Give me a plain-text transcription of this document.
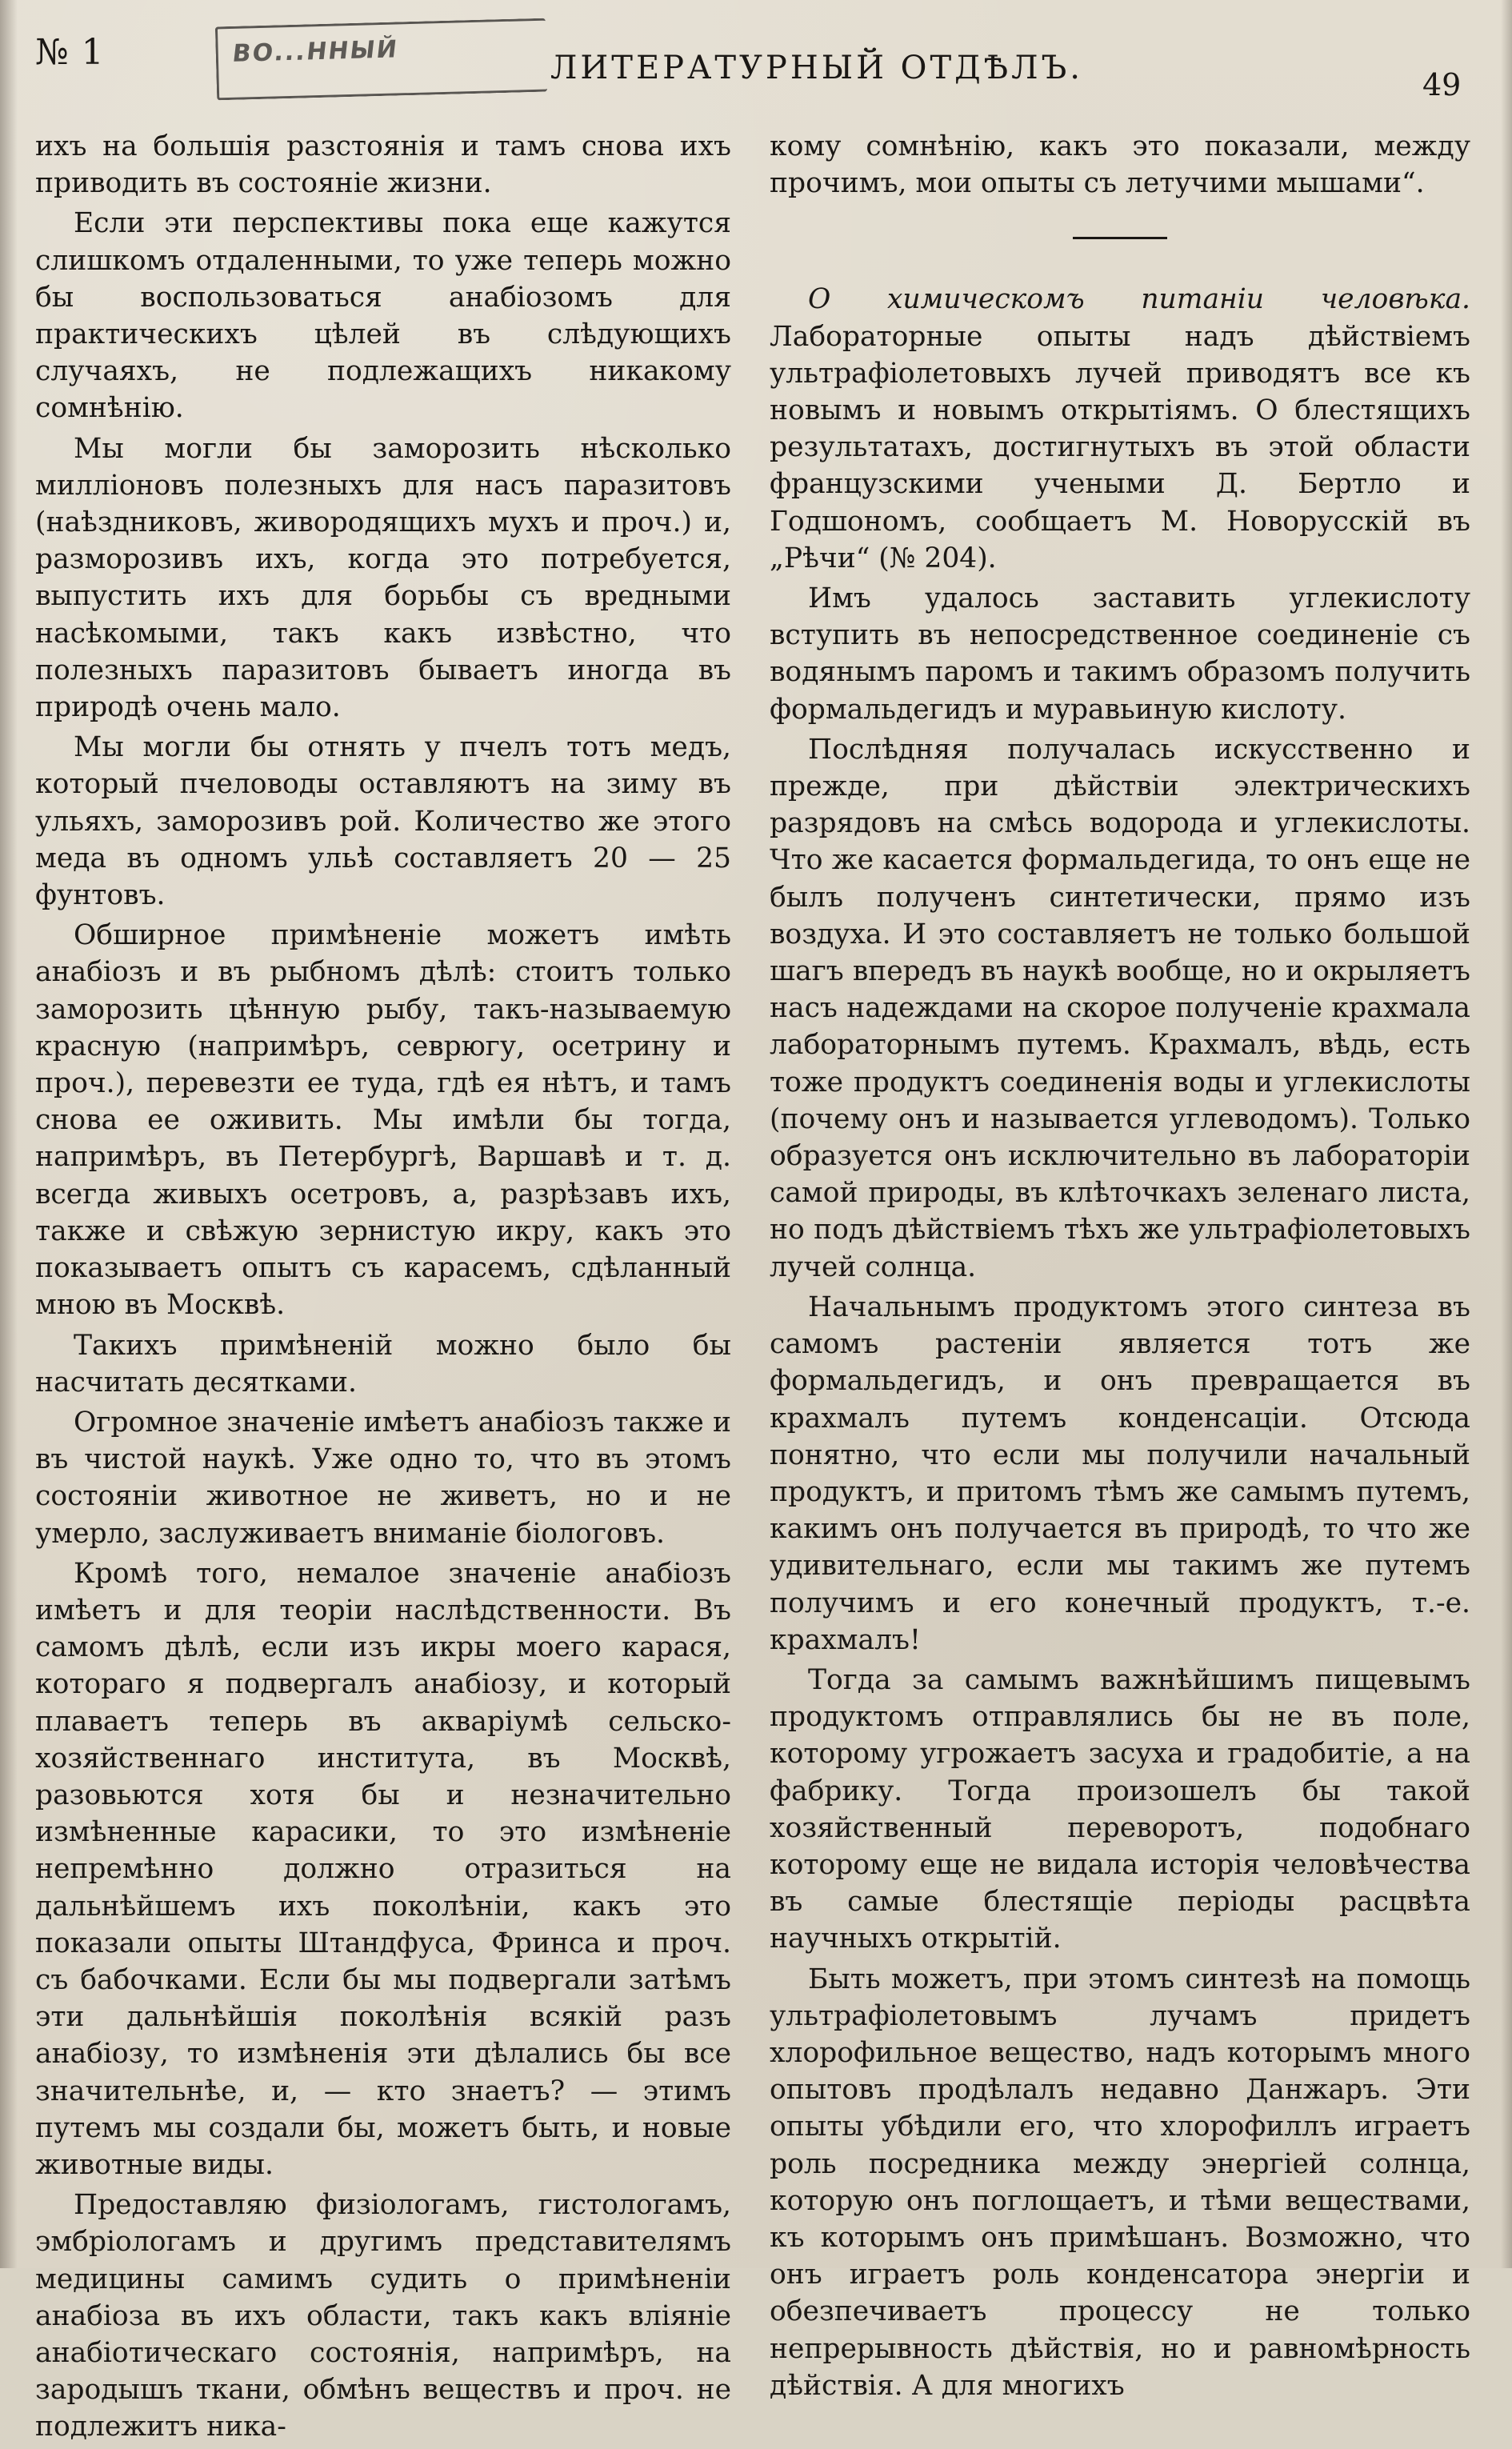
№ 1	ВО...ННЫЙ	ЛИТЕРАТУРНЫЙ ОТДѢЛЪ.	49

ихъ на большія разстоянія и тамъ снова ихъ приводить въ состояніе жизни.

Если эти перспективы пока еще кажутся слишкомъ отдаленными, то уже теперь можно бы воспользоваться анабіозомъ для практическихъ цѣлей въ слѣдующихъ случаяхъ, не подлежащихъ никакому сомнѣнію.

Мы могли бы заморозить нѣсколько милліоновъ полезныхъ для насъ паразитовъ (наѣздниковъ, живородящихъ мухъ и проч.) и, разморозивъ ихъ, когда это потребуется, выпустить ихъ для борьбы съ вредными насѣкомыми, такъ какъ извѣстно, что полезныхъ паразитовъ бываетъ иногда въ природѣ очень мало.

Мы могли бы отнять у пчелъ тотъ медъ, который пчеловоды оставляютъ на зиму въ ульяхъ, заморозивъ рой. Количество же этого меда въ одномъ ульѣ составляетъ 20 — 25 фунтовъ.

Обширное примѣненіе можетъ имѣть анабіозъ и въ рыбномъ дѣлѣ: стоитъ только заморозить цѣнную рыбу, такъ-называемую красную (напримѣръ, севрюгу, осетрину и проч.), перевезти ее туда, гдѣ ея нѣтъ, и тамъ снова ее оживить. Мы имѣли бы тогда, напримѣръ, въ Петербургѣ, Варшавѣ и т. д. всегда живыхъ осетровъ, а, разрѣзавъ ихъ, также и свѣжую зернистую икру, какъ это показываетъ опытъ съ карасемъ, сдѣланный мною въ Москвѣ.

Такихъ примѣненій можно было бы насчитать десятками.

Огромное значеніе имѣетъ анабіозъ также и въ чистой наукѣ. Уже одно то, что въ этомъ состояніи животное не живетъ, но и не умерло, заслуживаетъ вниманіе біологовъ.

Кромѣ того, немалое значеніе анабіозъ имѣетъ и для теоріи наслѣдственности. Въ самомъ дѣлѣ, если изъ икры моего карася, котораго я подвергалъ анабіозу, и который плаваетъ теперь въ акваріумѣ сельско-хозяйственнаго института, въ Москвѣ, разовьются хотя бы и незначительно измѣненные карасики, то это измѣненіе непремѣнно должно отразиться на дальнѣйшемъ ихъ поколѣніи, какъ это показали опыты Штандфуса, Фринса и проч. съ бабочками. Если бы мы подвергали затѣмъ эти дальнѣйшія поколѣнія всякій разъ анабіозу, то измѣненія эти дѣлались бы все значительнѣе, и, — кто знаетъ? — этимъ путемъ мы создали бы, можетъ быть, и новые животные виды.

Предоставляю физіологамъ, гистологамъ, эмбріологамъ и другимъ представителямъ медицины самимъ судить о примѣненіи анабіоза въ ихъ области, такъ какъ вліяніе анабіотическаго состоянія, напримѣръ, на зародышъ ткани, обмѣнъ веществъ и проч. не подлежитъ ника-

кому сомнѣнію, какъ это показали, между прочимъ, мои опыты съ летучими мышами“.

О химическомъ питаніи человѣка. Лабораторные опыты надъ дѣйствіемъ ультрафіолетовыхъ лучей приводятъ все къ новымъ и новымъ открытіямъ. О блестящихъ результатахъ, достигнутыхъ въ этой области французскими учеными Д. Бертло и Годшономъ, сообщаетъ М. Новорусскій въ „Рѣчи“ (№ 204).

Имъ удалось заставить углекислоту вступить въ непосредственное соединеніе съ водянымъ паромъ и такимъ образомъ получить формальдегидъ и муравьиную кислоту.

Послѣдняя получалась искусственно и прежде, при дѣйствіи электрическихъ разрядовъ на смѣсь водорода и углекислоты. Что же касается формальдегида, то онъ еще не былъ полученъ синтетически, прямо изъ воздуха. И это составляетъ не только большой шагъ впередъ въ наукѣ вообще, но и окрыляетъ насъ надеждами на скорое полученіе крахмала лабораторнымъ путемъ. Крахмалъ, вѣдь, есть тоже продуктъ соединенія воды и углекислоты (почему онъ и называется углеводомъ). Только образуется онъ исключительно въ лабораторіи самой природы, въ клѣточкахъ зеленаго листа, но подъ дѣйствіемъ тѣхъ же ультрафіолетовыхъ лучей солнца.

Начальнымъ продуктомъ этого синтеза въ самомъ растеніи является тотъ же формальдегидъ, и онъ превращается въ крахмалъ путемъ конденсаціи. Отсюда понятно, что если мы получили начальный продуктъ, и притомъ тѣмъ же самымъ путемъ, какимъ онъ получается въ природѣ, то что же удивительнаго, если мы такимъ же путемъ получимъ и его конечный продуктъ, т.-е. крахмалъ!

Тогда за самымъ важнѣйшимъ пищевымъ продуктомъ отправлялись бы не въ поле, которому угрожаетъ засуха и градобитіе, а на фабрику. Тогда произошелъ бы такой хозяйственный переворотъ, подобнаго которому еще не видала исторія человѣчества въ самые блестящіе періоды расцвѣта научныхъ открытій.

Быть можетъ, при этомъ синтезѣ на помощь ультрафіолетовымъ лучамъ придетъ хлорофильное вещество, надъ которымъ много опытовъ продѣлалъ недавно Данжаръ. Эти опыты убѣдили его, что хлорофиллъ играетъ роль посредника между энергіей солнца, которую онъ поглощаетъ, и тѣми веществами, къ которымъ онъ примѣшанъ. Возможно, что онъ играетъ роль конденсатора энергіи и обезпечиваетъ процессу не только непрерывность дѣйствія, но и равномѣрность дѣйствія. А для многихъ
